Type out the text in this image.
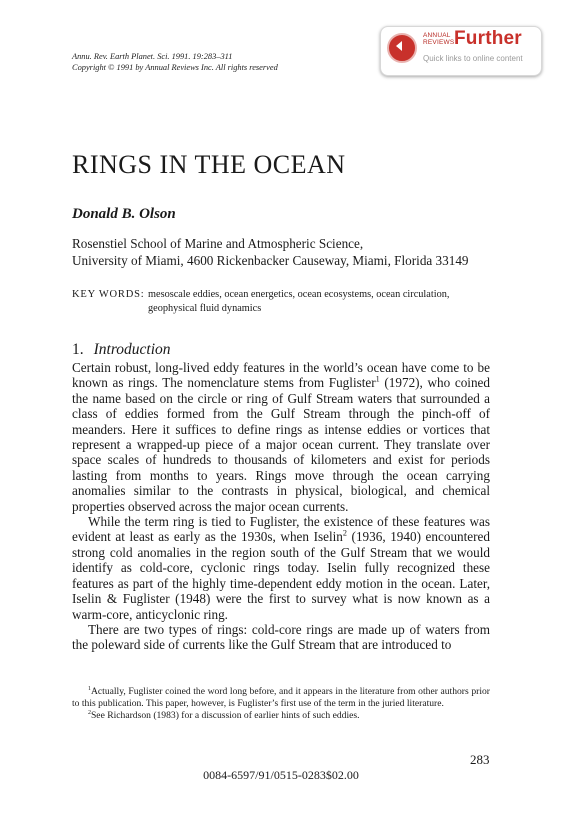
Annu. Rev. Earth Planet. Sci. 1991. 19:283–311
Copyright © 1991 by Annual Reviews Inc. All rights reserved
ANNUAL
REVIEWS Further
Quick links to online content
RINGS IN THE OCEAN
Donald B. Olson
Rosenstiel School of Marine and Atmospheric Science,
University of Miami, 4600 Rickenbacker Causeway, Miami, Florida 33149
KEY WORDS: mesoscale eddies, ocean energetics, ocean ecosystems, ocean circulation, geophysical fluid dynamics
1. Introduction

Certain robust, long-lived eddy features in the world’s ocean have come to be known as rings. The nomenclature stems from Fuglister$^1$ (1972), who coined the name based on the circle or ring of Gulf Stream waters that surrounded a class of eddies formed from the Gulf Stream through the pinch-off of meanders. Here it suffices to define rings as intense eddies or vortices that represent a wrapped-up piece of a major ocean current. They translate over space scales of hundreds to thousands of kilometers and exist for periods lasting from months to years. Rings move through the ocean carrying anomalies similar to the contrasts in physical, biological, and chemical properties observed across the major ocean currents.

While the term ring is tied to Fuglister, the existence of these features was evident at least as early as the 1930s, when Iselin$^2$ (1936, 1940) encountered strong cold anomalies in the region south of the Gulf Stream that we would identify as cold-core, cyclonic rings today. Iselin fully recognized these features as part of the highly time-dependent eddy motion in the ocean. Later, Iselin & Fuglister (1948) were the first to survey what is now known as a warm-core, anticyclonic ring.

There are two types of rings: cold-core rings are made up of waters from the poleward side of currents like the Gulf Stream that are introduced to

$^1$Actually, Fuglister coined the word long before, and it appears in the literature from other authors prior to this publication. This paper, however, is Fuglister’s first use of the term in the juried literature.

$^2$See Richardson (1983) for a discussion of earlier hints of such eddies.

283
0084-6597/91/0515-0283$02.00
